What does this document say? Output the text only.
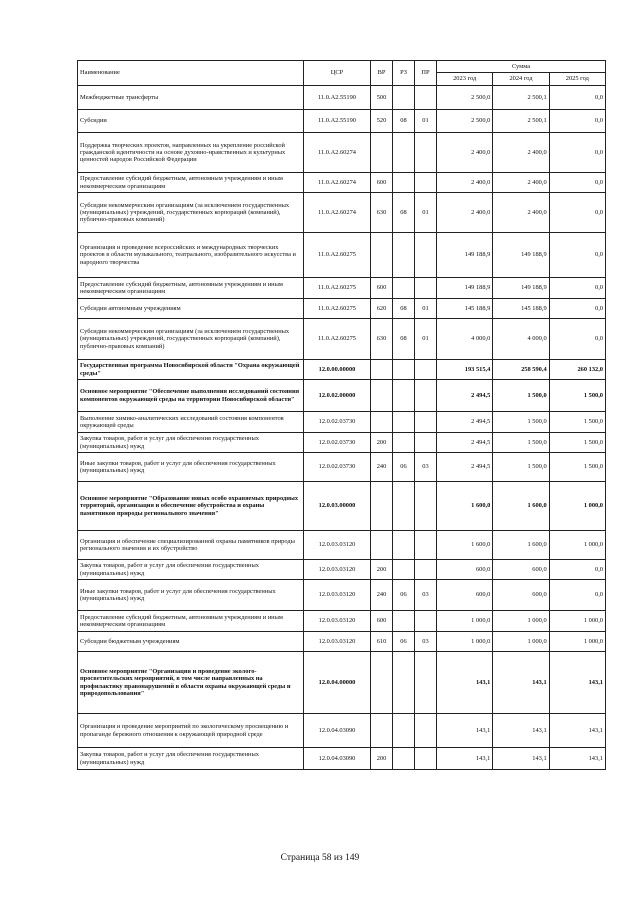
Наименование	ЦСР	ВР	РЗ	ПР	Сумма		
					2023 год	2024 год	2025 год
Межбюджетные трансферты	11.0.A2.55190	500			2 500,0	2 500,1	0,0
Субсидии	11.0.A2.55190	520	08	01	2 500,0	2 500,1	0,0
Поддержка творческих проектов, направленных на укрепление российской гражданской идентичности на основе духовно-нравственных и культурных ценностей народов Российской Федерации	11.0.A2.60274				2 400,0	2 400,0	0,0
Предоставление субсидий бюджетным, автономным учреждениям и иным некоммерческим организациям	11.0.A2.60274	600			2 400,0	2 400,0	0,0
Субсидии некоммерческим организациям (за исключением государственных (муниципальных) учреждений, государственных корпораций (компаний), публично-правовых компаний)	11.0.A2.60274	630	08	01	2 400,0	2 400,0	0,0
Организация и проведение всероссийских и международных творческих проектов в области музыкального, театрального, изобразительного искусства и народного творчества	11.0.A2.60275				149 188,9	149 188,9	0,0
Предоставление субсидий бюджетным, автономным учреждениям и иным некоммерческим организациям	11.0.A2.60275	600			149 188,9	149 188,9	0,0
Субсидии автономным учреждениям	11.0.A2.60275	620	08	01	145 188,9	145 188,9	0,0
Субсидии некоммерческим организациям (за исключением государственных (муниципальных) учреждений, государственных корпораций (компаний), публично-правовых компаний)	11.0.A2.60275	630	08	01	4 000,0	4 000,0	0,0
Государственная программа Новосибирской области "Охрана окружающей среды"	12.0.00.00000				193 515,4	258 590,4	260 132,0
Основное мероприятие "Обеспечение выполнения исследований состояния компонентов окружающей среды на территории Новосибирской области"	12.0.02.00000				2 494,5	1 500,0	1 500,0
Выполнение химико-аналитических исследований состояния компонентов окружающей среды	12.0.02.03730				2 494,5	1 500,0	1 500,0
Закупка товаров, работ и услуг для обеспечения государственных (муниципальных) нужд	12.0.02.03730	200			2 494,5	1 500,0	1 500,0
Иные закупки товаров, работ и услуг для обеспечения государственных (муниципальных) нужд	12.0.02.03730	240	06	03	2 494,5	1 500,0	1 500,0
Основное мероприятие "Образование новых особо охраняемых природных территорий, организация и обеспечение обустройства и охраны памятников природы регионального значения"	12.0.03.00000				1 600,0	1 600,0	1 000,0
Организация и обеспечение специализированной охраны памятников природы регионального значения и их обустройство	12.0.03.03120				1 600,0	1 600,0	1 000,0
Закупка товаров, работ и услуг для обеспечения государственных (муниципальных) нужд	12.0.03.03120	200			600,0	600,0	0,0
Иные закупки товаров, работ и услуг для обеспечения государственных (муниципальных) нужд	12.0.03.03120	240	06	03	600,0	600,0	0,0
Предоставление субсидий бюджетным, автономным учреждениям и иным некоммерческим организациям	12.0.03.03120	600			1 000,0	1 000,0	1 000,0
Субсидии бюджетным учреждениям	12.0.03.03120	610	06	03	1 000,0	1 000,0	1 000,0
Основное мероприятие "Организация и проведение эколого-просветительских мероприятий, в том числе направленных на профилактику правонарушений в области охраны окружающей среды и природопользования"	12.0.04.00000				143,1	143,1	143,1
Организация и проведение мероприятий по экологическому просвещению и пропаганде бережного отношения к окружающей природной среде	12.0.04.03090				143,1	143,1	143,1
Закупка товаров, работ и услуг для обеспечения государственных (муниципальных) нужд	12.0.04.03090	200			143,1	143,1	143,1
Страница 58 из 149
